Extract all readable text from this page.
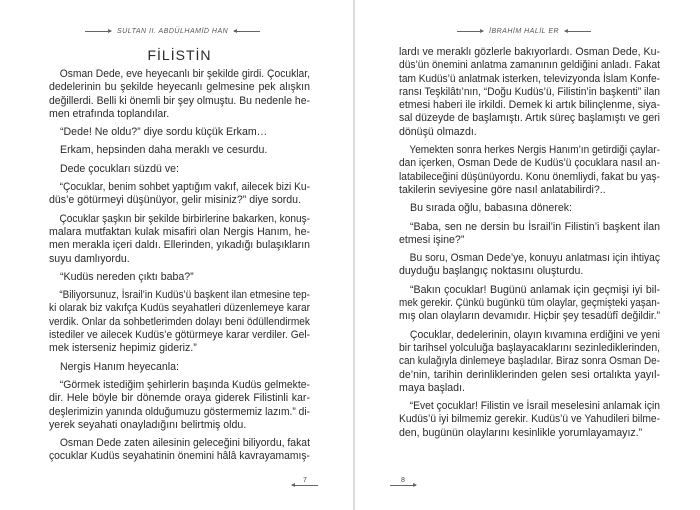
SULTAN II. ABDÜLHAMİD HAN	İBRAHİM HALİL ER
FİLİSTİN

Osman Dede, eve heyecanlı bir şekilde girdi. Çocuklar,
dedelerinin bu şekilde heyecanlı gelmesine pek alışkın
değillerdi. Belli ki önemli bir şey olmuştu. Bu nedenle he-
men etrafında toplandılar.

“Dede! Ne oldu?” diye sordu küçük Erkam…

Erkam, hepsinden daha meraklı ve cesurdu.

Dede çocukları süzdü ve:

“Çocuklar, benim sohbet yaptığım vakıf, ailecek bizi Ku-
düs’e götürmeyi düşünüyor, gelir misiniz?” diye sordu.

Çocuklar şaşkın bir şekilde birbirlerine bakarken, konuş-
malara mutfaktan kulak misafiri olan Nergis Hanım, he-
men merakla içeri daldı. Ellerinden, yıkadığı bulaşıkların
suyu damlıyordu.

“Kudüs nereden çıktı baba?”

“Biliyorsunuz, İsrail’in Kudüs’ü başkent ilan etmesine tep-
ki olarak biz vakıfça Kudüs seyahatleri düzenlemeye karar
verdik. Onlar da sohbetlerimden dolayı beni ödüllendirmek
istediler ve ailecek Kudüs’e götürmeye karar verdiler. Gel-
mek isterseniz hepimiz gideriz.”

Nergis Hanım heyecanla:

“Görmek istediğim şehirlerin başında Kudüs gelmekte-
dir. Hele böyle bir dönemde oraya giderek Filistinli kar-
deşlerimizin yanında olduğumuzu göstermemiz lazım.” di-
yerek seyahati onayladığını belirtmiş oldu.

Osman Dede zaten ailesinin geleceğini biliyordu, fakat
çocuklar Kudüs seyahatinin önemini hâlâ kavrayamamış-

lardı ve meraklı gözlerle bakıyorlardı. Osman Dede, Ku-
düs’ün önemini anlatma zamanının geldiğini anladı. Fakat
tam Kudüs’ü anlatmak isterken, televizyonda İslam Konfe-
ransı Teşkilâtı’nın, “Doğu Kudüs’ü, Filistin’in başkenti” ilan
etmesi haberi ile irkildi. Demek ki artık bilinçlenme, siya-
sal düzeyde de başlamıştı. Artık süreç başlamıştı ve geri
dönüşü olmazdı.

Yemekten sonra herkes Nergis Hanım’ın getirdiği çaylar-
dan içerken, Osman Dede de Kudüs’ü çocuklara nasıl an-
latabileceğini düşünüyordu. Konu önemliydi, fakat bu yaş-
takilerin seviyesine göre nasıl anlatabilirdi?..

Bu sırada oğlu, babasına dönerek:

“Baba, sen ne dersin bu İsrail’in Filistin’i başkent ilan
etmesi işine?”

Bu soru, Osman Dede’ye, konuyu anlatması için ihtiyaç
duyduğu başlangıç noktasını oluşturdu.

“Bakın çocuklar! Bugünü anlamak için geçmişi iyi bil-
mek gerekir. Çünkü bugünkü tüm olaylar, geçmişteki yaşan-
mış olan olayların devamıdır. Hiçbir şey tesadüfî değildir.”

Çocuklar, dedelerinin, olayın kıvamına erdiğini ve yeni
bir tarihsel yolculuğa başlayacaklarını sezinlediklerinden,
can kulağıyla dinlemeye başladılar. Biraz sonra Osman De-
de’nin, tarihin derinliklerinden gelen sesi ortalıkta yayıl-
maya başladı.

“Evet çocuklar! Filistin ve İsrail meselesini anlamak için
Kudüs’ü iyi bilmemiz gerekir. Kudüs’ü ve Yahudileri bilme-
den, bugünün olaylarını kesinlikle yorumlayamayız.”

7	8
